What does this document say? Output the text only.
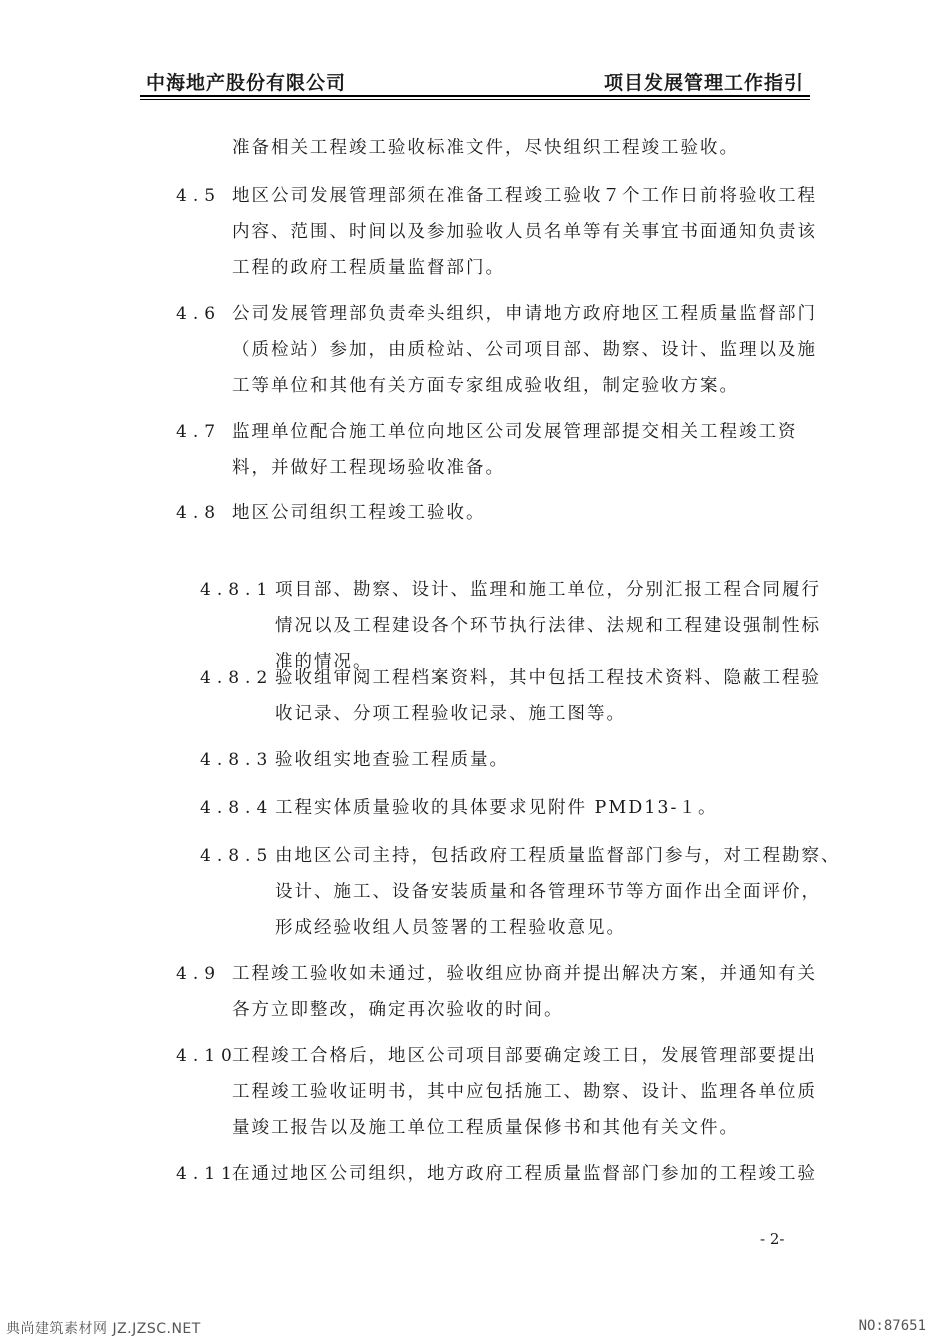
中海地产股份有限公司	项目发展管理工作指引
准备相关工程竣工验收标准文件，尽快组织工程竣工验收。
4.5 地区公司发展管理部须在准备工程竣工验收７个工作日前将验收工程
内容、范围、时间以及参加验收人员名单等有关事宜书面通知负责该
工程的政府工程质量监督部门。
4.6 公司发展管理部负责牵头组织，申请地方政府地区工程质量监督部门
（质检站）参加，由质检站、公司项目部、勘察、设计、监理以及施
工等单位和其他有关方面专家组成验收组，制定验收方案。
4.7 监理单位配合施工单位向地区公司发展管理部提交相关工程竣工资
料，并做好工程现场验收准备。
4.8 地区公司组织工程竣工验收。
4.8.1 项目部、勘察、设计、监理和施工单位，分别汇报工程合同履行
情况以及工程建设各个环节执行法律、法规和工程建设强制性标
准的情况。
4.8.2 验收组审阅工程档案资料，其中包括工程技术资料、隐蔽工程验
收记录、分项工程验收记录、施工图等。
4.8.3 验收组实地查验工程质量。
4.8.4 工程实体质量验收的具体要求见附件 PMD13-１。
4.8.5 由地区公司主持，包括政府工程质量监督部门参与，对工程勘察、
设计、施工、设备安装质量和各管理环节等方面作出全面评价，
形成经验收组人员签署的工程验收意见。
4.9 工程竣工验收如未通过，验收组应协商并提出解决方案，并通知有关
各方立即整改，确定再次验收的时间。
4.10
工程竣工合格后，地区公司项目部要确定竣工日，发展管理部要提出
工程竣工验收证明书，其中应包括施工、勘察、设计、监理各单位质
量竣工报告以及施工单位工程质量保修书和其他有关文件。
4.11
在通过地区公司组织，地方政府工程质量监督部门参加的工程竣工验
- 2-
典尚建筑素材网 JZ.JZSC.NET	NO:87651
